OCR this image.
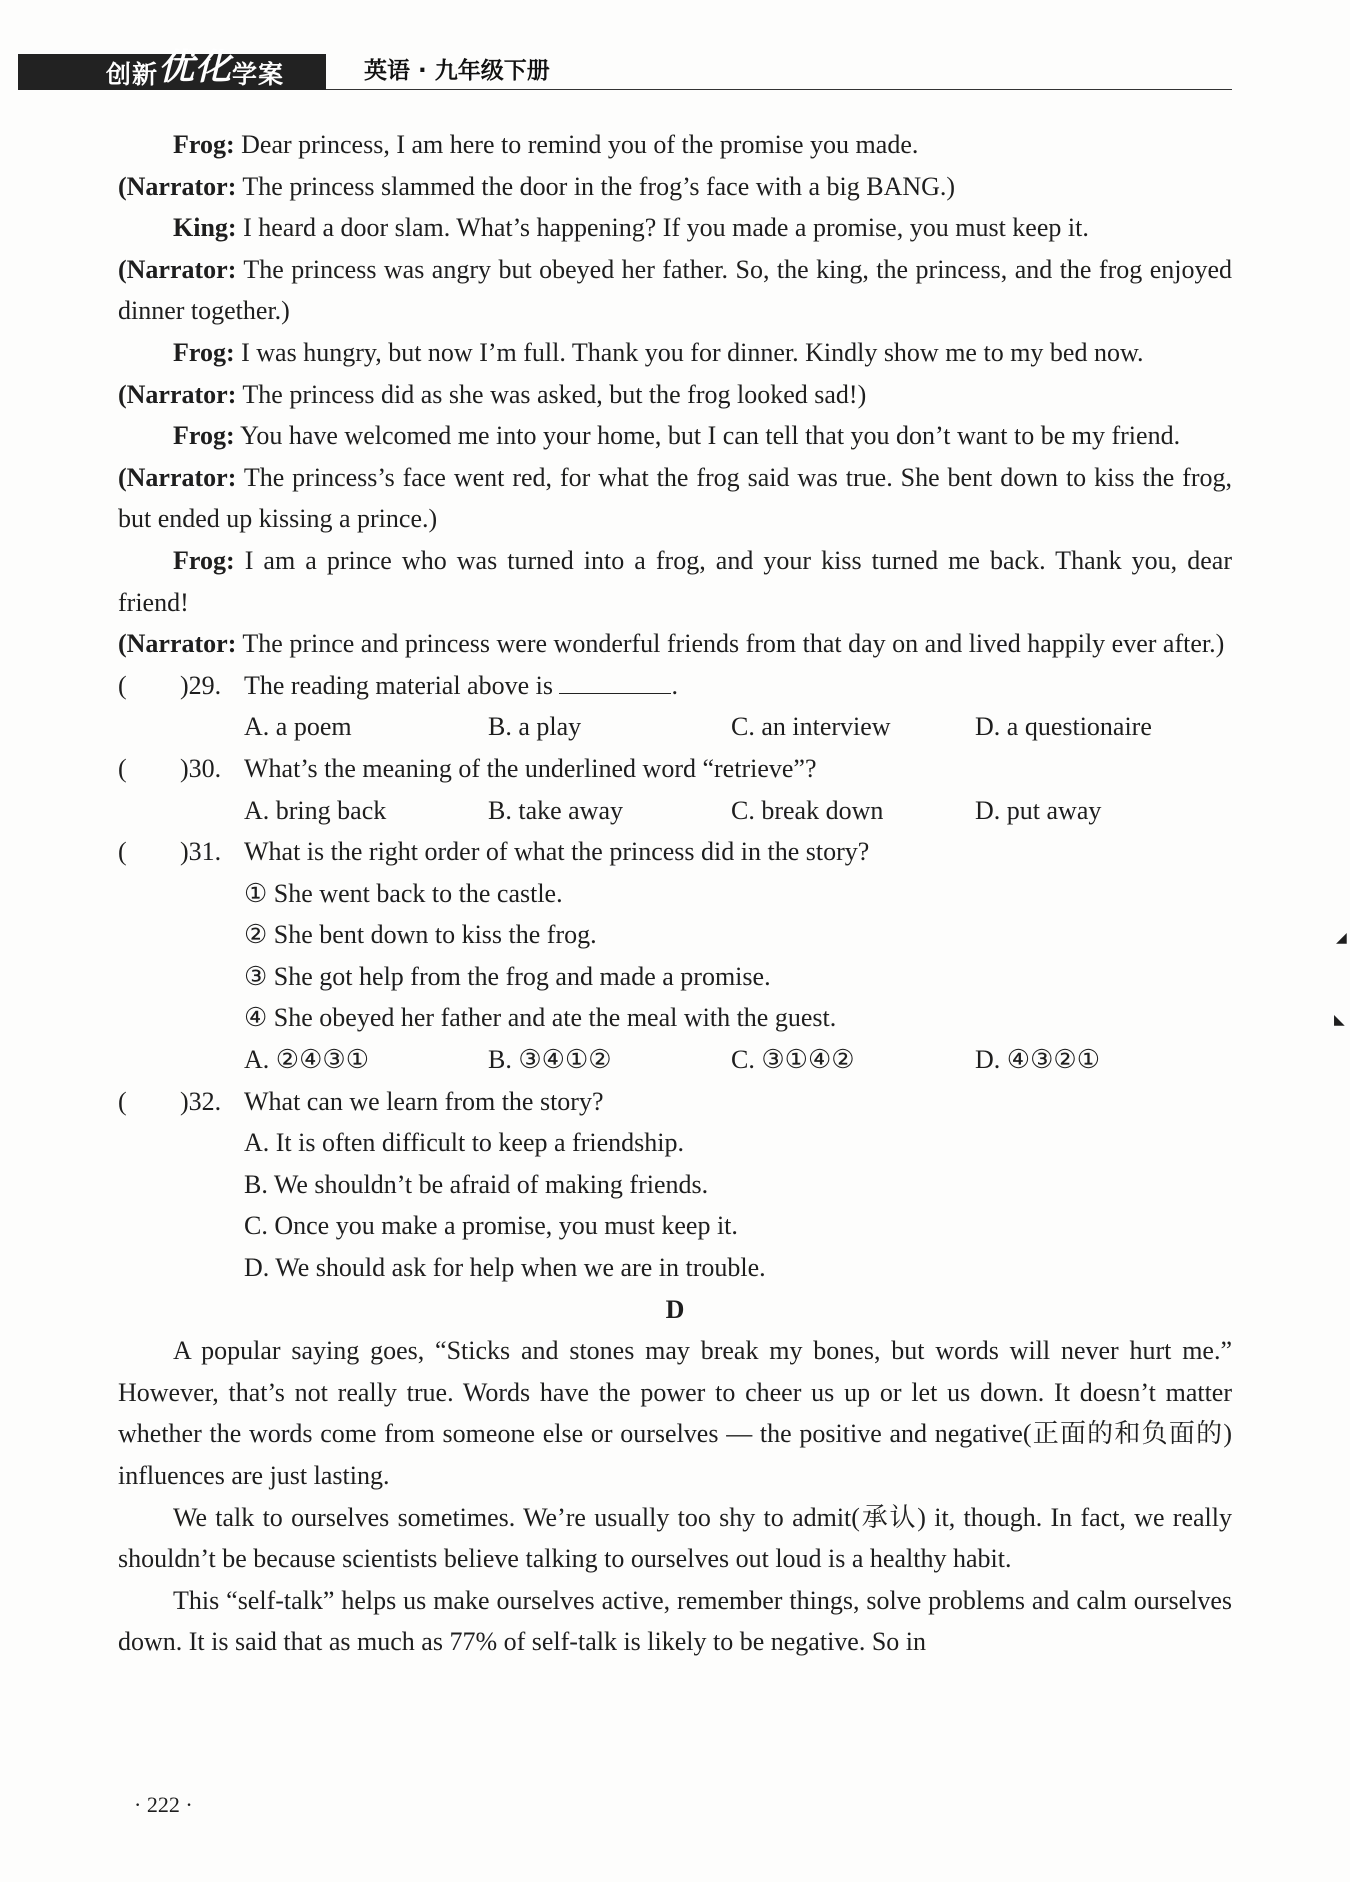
创新优化学案	英语 · 九年级下册
Frog: Dear princess, I am here to remind you of the promise you made.
(Narrator: The princess slammed the door in the frog’s face with a big BANG.)
King: I heard a door slam. What’s happening? If you made a promise, you must keep it.
(Narrator: The princess was angry but obeyed her father. So, the king, the princess, and the frog enjoyed dinner together.)
Frog: I was hungry, but now I’m full. Thank you for dinner. Kindly show me to my bed now.
(Narrator: The princess did as she was asked, but the frog looked sad!)
Frog: You have welcomed me into your home, but I can tell that you don’t want to be my friend.
(Narrator: The princess’s face went red, for what the frog said was true. She bent down to kiss the frog, but ended up kissing a prince.)
Frog: I am a prince who was turned into a frog, and your kiss turned me back. Thank you, dear friend!
(Narrator: The prince and princess were wonderful friends from that day on and lived happily ever after.)
( )29. The reading material above is	.
A. a poem	B. a play	C. an interview	D. a questionaire
( )30. What’s the meaning of the underlined word “retrieve”?
A. bring back	B. take away	C. break down	D. put away
( )31. What is the right order of what the princess did in the story?
① She went back to the castle.
② She bent down to kiss the frog.
③ She got help from the frog and made a promise.
④ She obeyed her father and ate the meal with the guest.
A. ②④③①	B. ③④①②	C. ③①④②	D. ④③②①
( )32. What can we learn from the story?
A. It is often difficult to keep a friendship.
B. We shouldn’t be afraid of making friends.
C. Once you make a promise, you must keep it.
D. We should ask for help when we are in trouble.
D
A popular saying goes, “Sticks and stones may break my bones, but words will never hurt me.” However, that’s not really true. Words have the power to cheer us up or let us down. It doesn’t matter whether the words come from someone else or ourselves — the positive and negative(正面的和负面的) influences are just lasting.
We talk to ourselves sometimes. We’re usually too shy to admit(承认) it, though. In fact, we really shouldn’t be because scientists believe talking to ourselves out loud is a healthy habit.
This “self-talk” helps us make ourselves active, remember things, solve problems and calm ourselves down. It is said that as much as 77% of self-talk is likely to be negative. So in
· 222 ·
◢
◣
